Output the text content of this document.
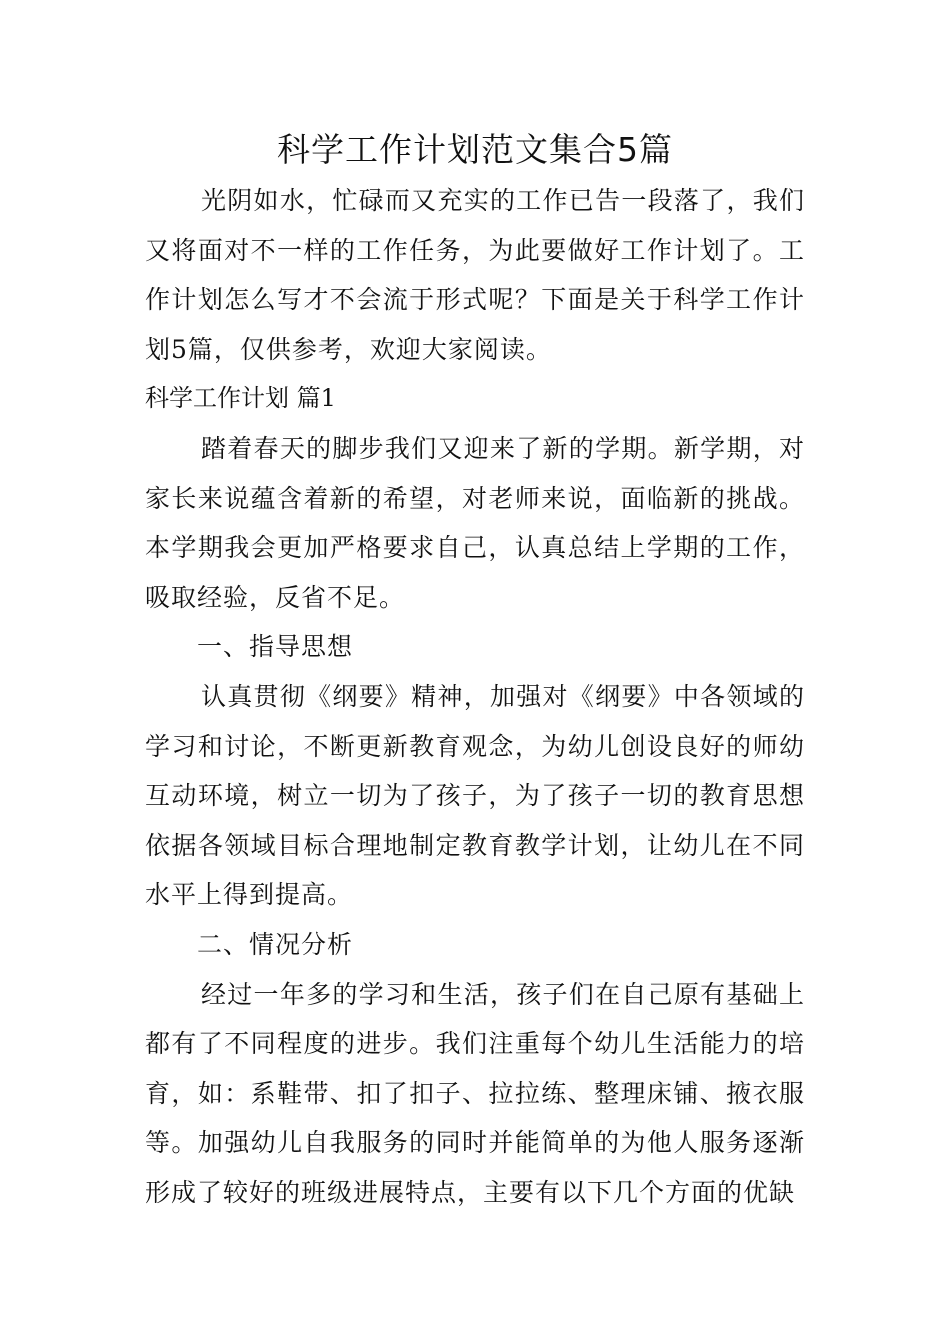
科学工作计划范文集合5篇

光阴如水，忙碌而又充实的工作已告一段落了，我们又将面对不一样的工作任务，为此要做好工作计划了。工作计划怎么写才不会流于形式呢？下面是关于科学工作计划5篇，仅供参考，欢迎大家阅读。

科学工作计划 篇1

踏着春天的脚步我们又迎来了新的学期。新学期，对家长来说蕴含着新的希望，对老师来说，面临新的挑战。本学期我会更加严格要求自己，认真总结上学期的工作，吸取经验，反省不足。

一、指导思想

认真贯彻《纲要》精神，加强对《纲要》中各领域的学习和讨论，不断更新教育观念，为幼儿创设良好的师幼互动环境，树立一切为了孩子，为了孩子一切的教育思想依据各领域目标合理地制定教育教学计划，让幼儿在不同水平上得到提高。

二、情况分析

经过一年多的学习和生活，孩子们在自己原有基础上都有了不同程度的进步。我们注重每个幼儿生活能力的培育，如：系鞋带、扣了扣子、拉拉练、整理床铺、掖衣服等。加强幼儿自我服务的同时并能简单的为他人服务逐渐形成了较好的班级进展特点，主要有以下几个方面的优缺
